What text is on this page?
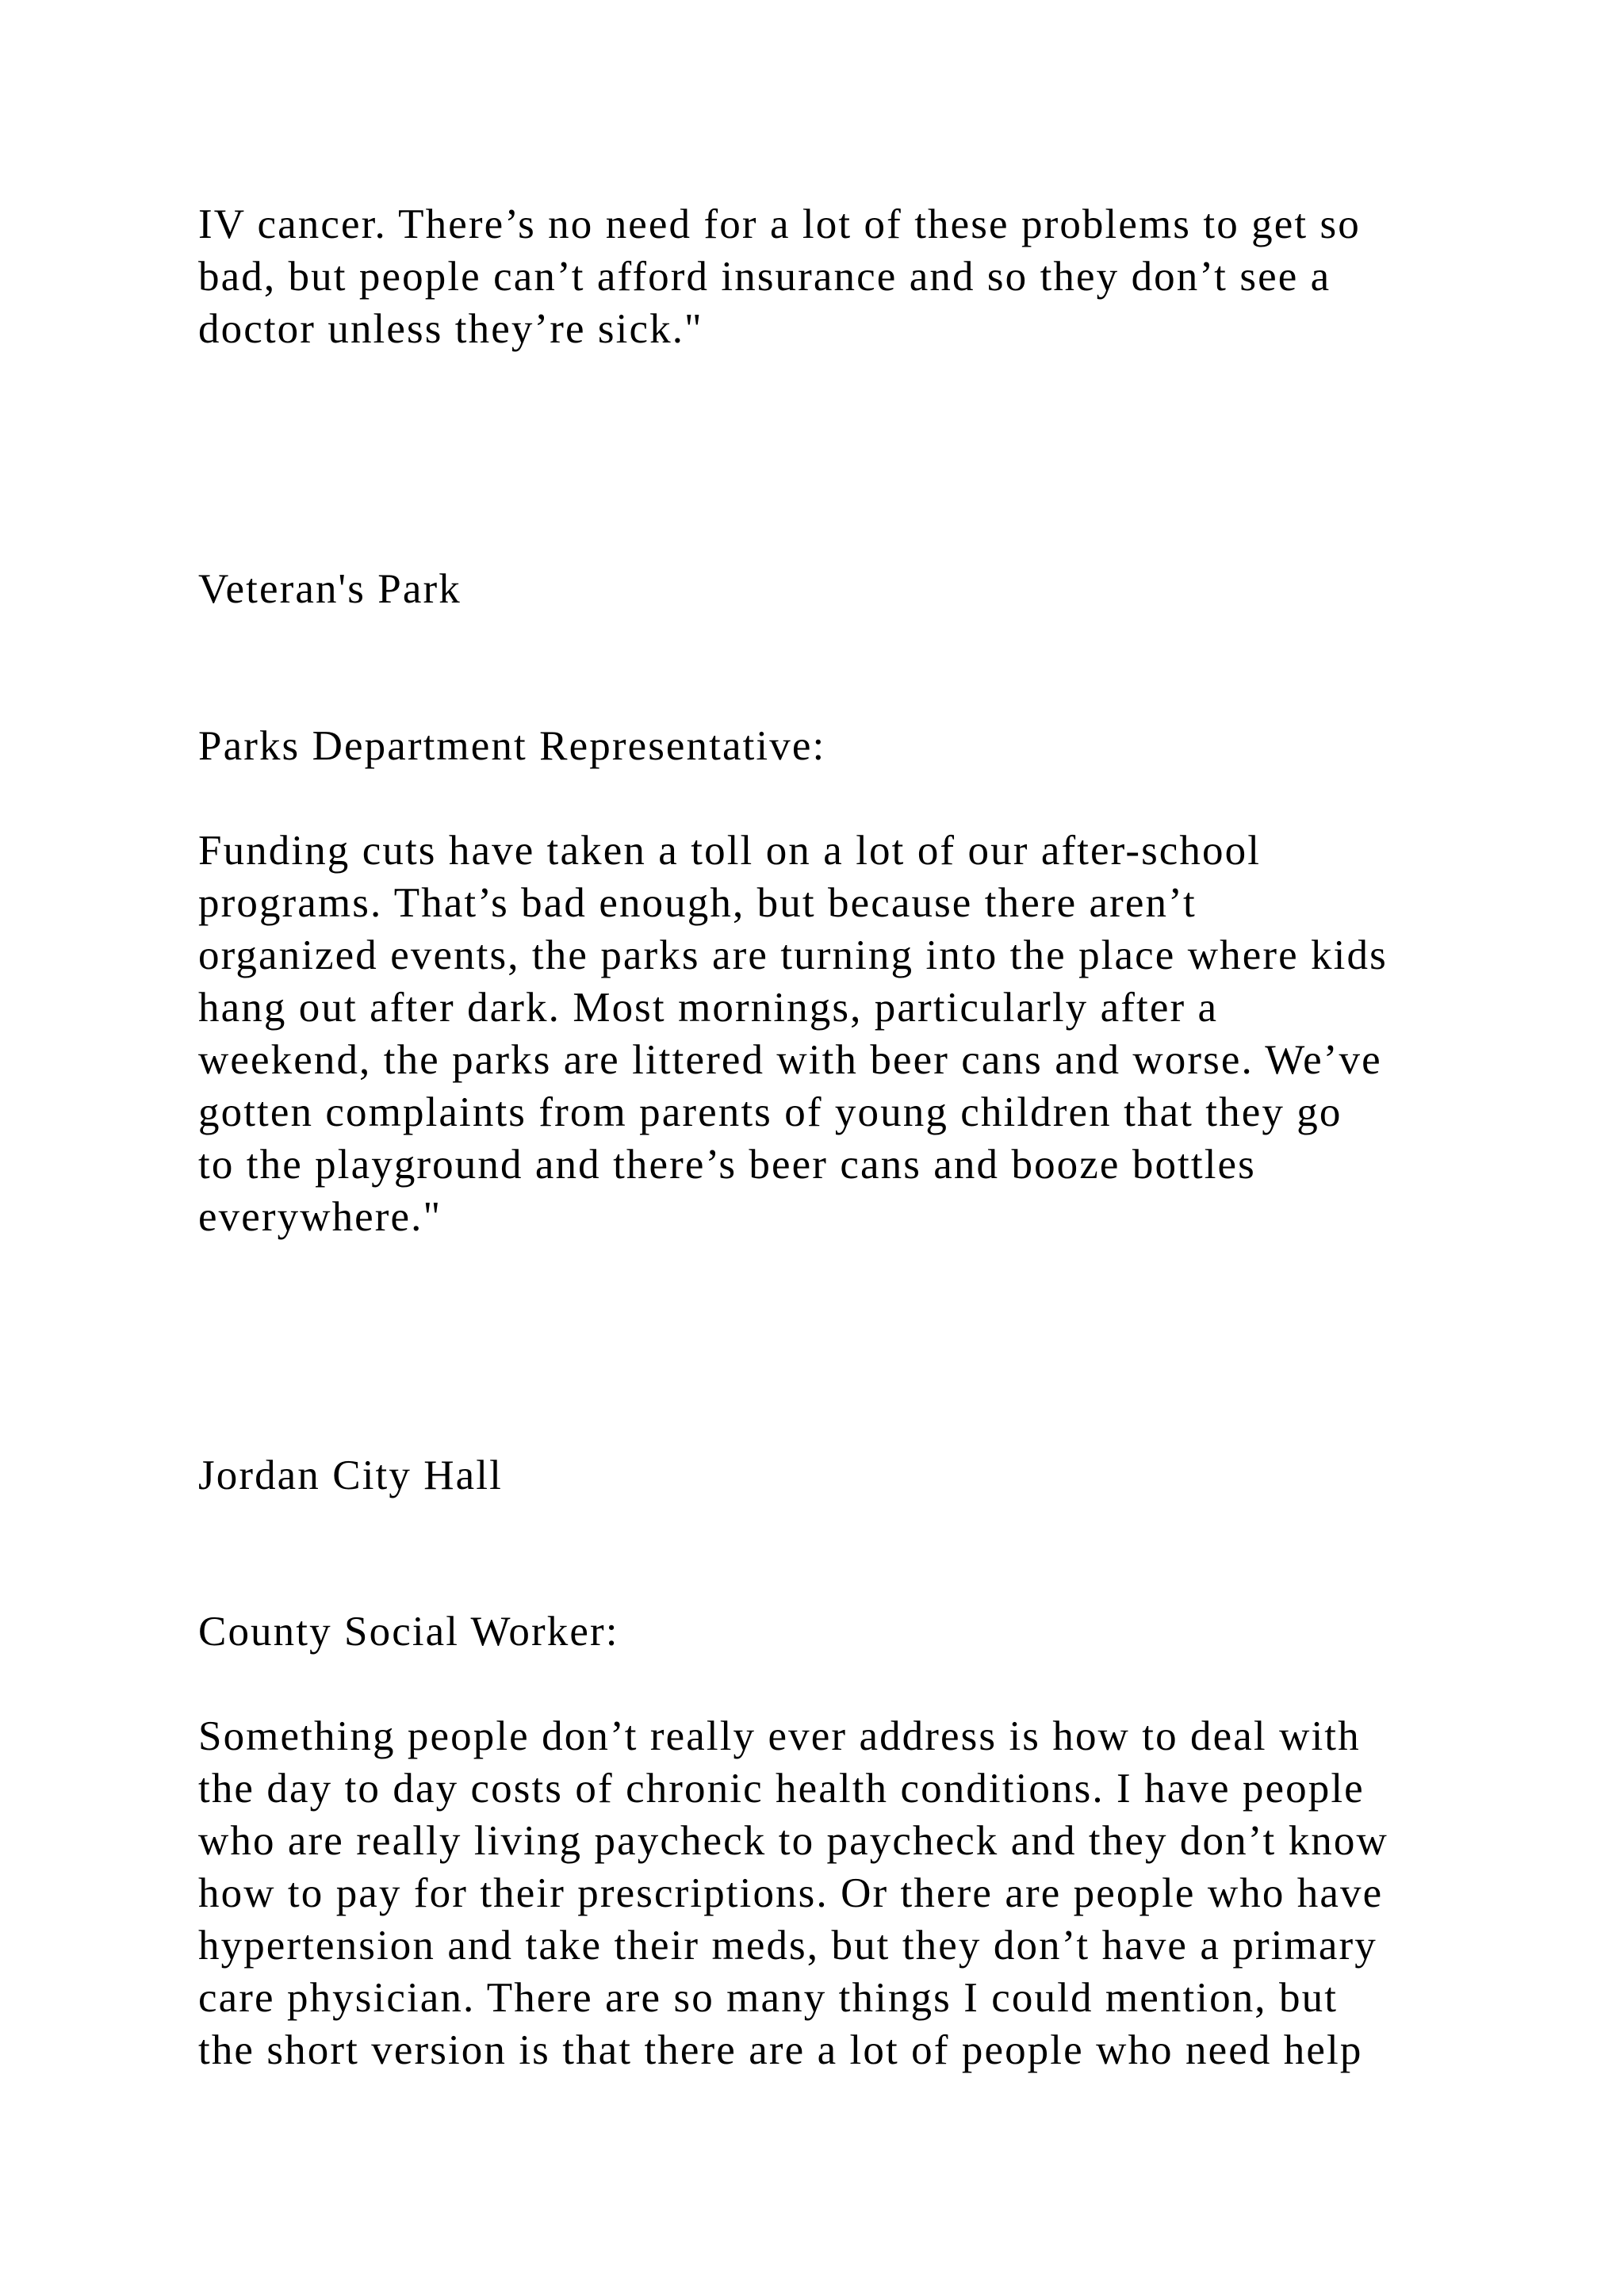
IV cancer. There’s no need for a lot of these problems to get so

bad, but people can’t afford insurance and so they don’t see a

doctor unless they’re sick."

Veteran's Park

Parks Department Representative:

Funding cuts have taken a toll on a lot of our after-school

programs. That’s bad enough, but because there aren’t

organized events, the parks are turning into the place where kids

hang out after dark. Most mornings, particularly after a

weekend, the parks are littered with beer cans and worse. We’ve

gotten complaints from parents of young children that they go

to the playground and there’s beer cans and booze bottles

everywhere."

Jordan City Hall

County Social Worker:

Something people don’t really ever address is how to deal with

the day to day costs of chronic health conditions. I have people

who are really living paycheck to paycheck and they don’t know

how to pay for their prescriptions. Or there are people who have

hypertension and take their meds, but they don’t have a primary

care physician. There are so many things I could mention, but

the short version is that there are a lot of people who need help
